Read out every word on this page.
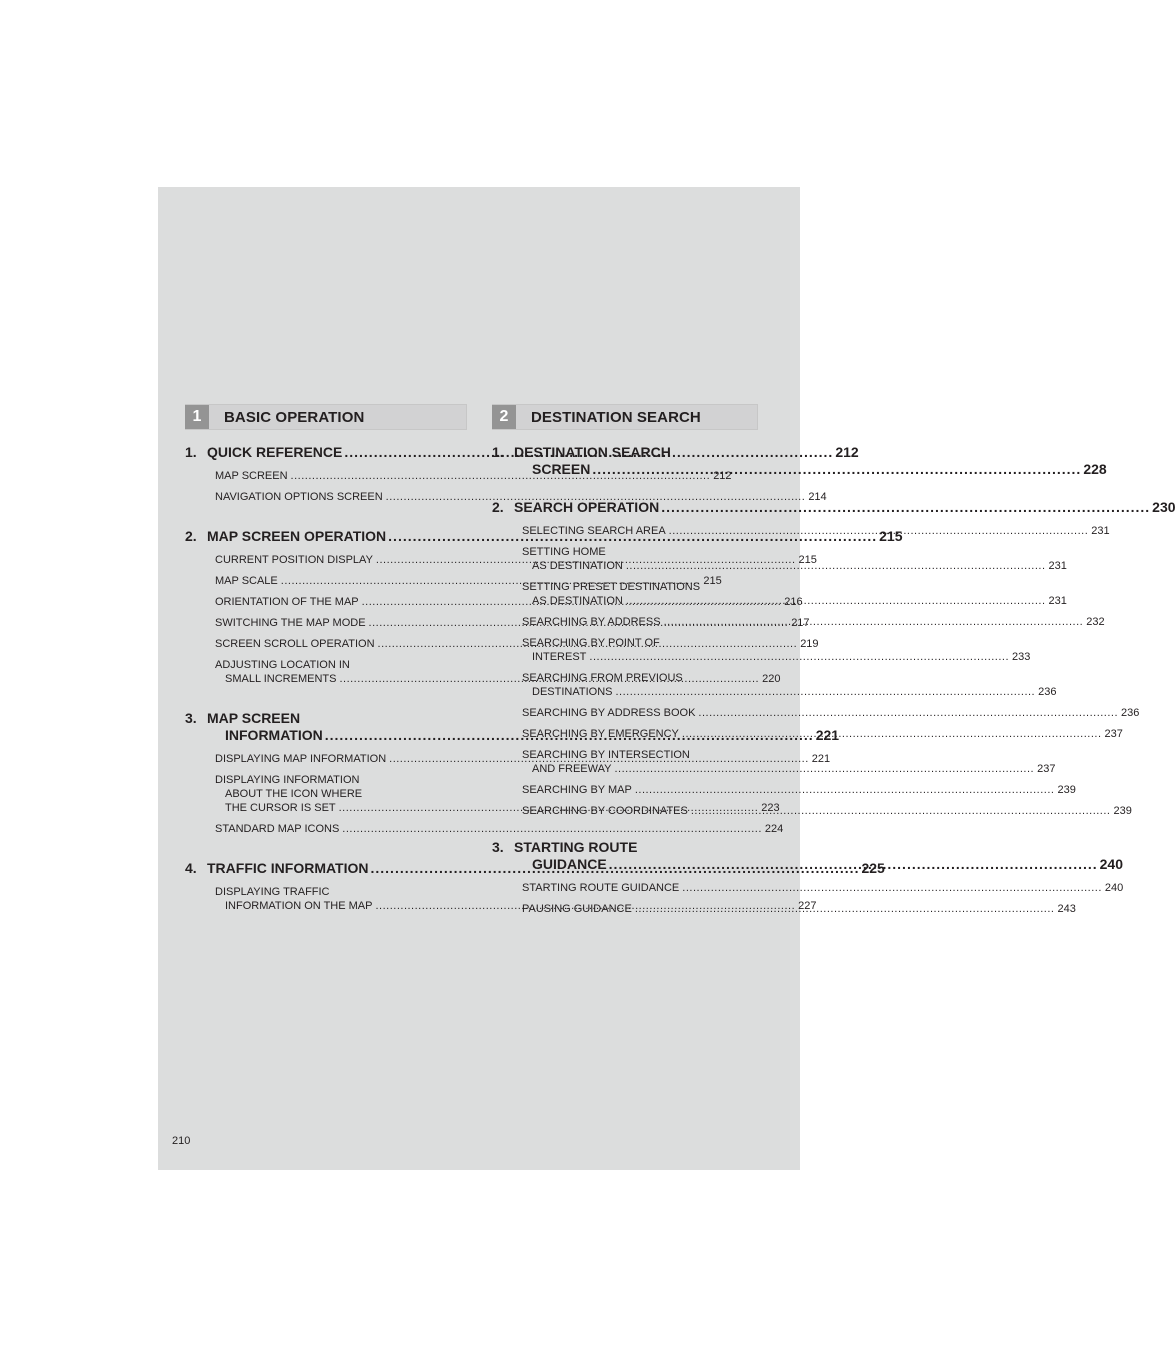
1	BASIC OPERATION
1. QUICK REFERENCE .....	212
MAP SCREEN .....	212
NAVIGATION OPTIONS SCREEN .....	214
2. MAP SCREEN OPERATION .....	215
CURRENT POSITION DISPLAY .....	215
MAP SCALE .....	215
ORIENTATION OF THE MAP .....	216
SWITCHING THE MAP MODE .....	217
SCREEN SCROLL OPERATION .....	219
ADJUSTING LOCATION IN
SMALL INCREMENTS .....	220
3. MAP SCREEN
INFORMATION .....	221
DISPLAYING MAP INFORMATION .....	221
DISPLAYING INFORMATION
ABOUT THE ICON WHERE
THE CURSOR IS SET .....	223
STANDARD MAP ICONS .....	224
4. TRAFFIC INFORMATION .....	225
DISPLAYING TRAFFIC
INFORMATION ON THE MAP .....	227
2	DESTINATION SEARCH
1. DESTINATION SEARCH
SCREEN .....	228
2. SEARCH OPERATION .....	230
SELECTING SEARCH AREA .....	231
SETTING HOME
AS DESTINATION .....	231
SETTING PRESET DESTINATIONS
AS DESTINATION .....	231
SEARCHING BY ADDRESS .....	232
SEARCHING BY POINT OF
INTEREST .....	233
SEARCHING FROM PREVIOUS
DESTINATIONS .....	236
SEARCHING BY ADDRESS BOOK .....	236
SEARCHING BY EMERGENCY .....	237
SEARCHING BY INTERSECTION
AND FREEWAY .....	237
SEARCHING BY MAP .....	239
SEARCHING BY COORDINATES .....	239
3. STARTING ROUTE
GUIDANCE .....	240
STARTING ROUTE GUIDANCE .....	240
PAUSING GUIDANCE .....	243
210
